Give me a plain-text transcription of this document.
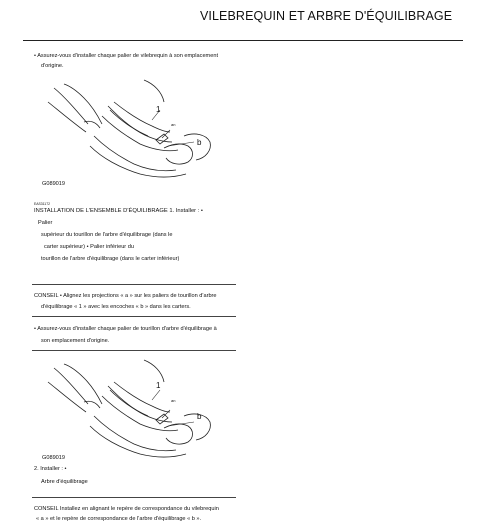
VILEBREQUIN ET ARBRE D'ÉQUILIBRAGE
• Assurez-vous d'installer chaque palier de vilebrequin à son emplacement
d'origine.
1
an
b
G089019
EAS31172
INSTALLATION DE L'ENSEMBLE D'ÉQUILIBRAGE 1. Installer : •
Palier
supérieur du tourillon de l'arbre d'équilibrage (dans le
carter supérieur) • Palier inférieur du
tourillon de l'arbre d'équilibrage (dans le carter inférieur)
CONSEIL • Alignez les projections « a » sur les paliers de tourillon d'arbre
d'équilibrage « 1 » avec les encoches « b » dans les carters.
• Assurez-vous d'installer chaque palier de tourillon d'arbre d'équilibrage à
son emplacement d'origine.
1
an
b
G089019
2. Installer : •
Arbre d'équilibrage
CONSEIL Installez en alignant le repère de correspondance du vilebrequin
« a » et le repère de correspondance de l'arbre d'équilibrage « b ».
